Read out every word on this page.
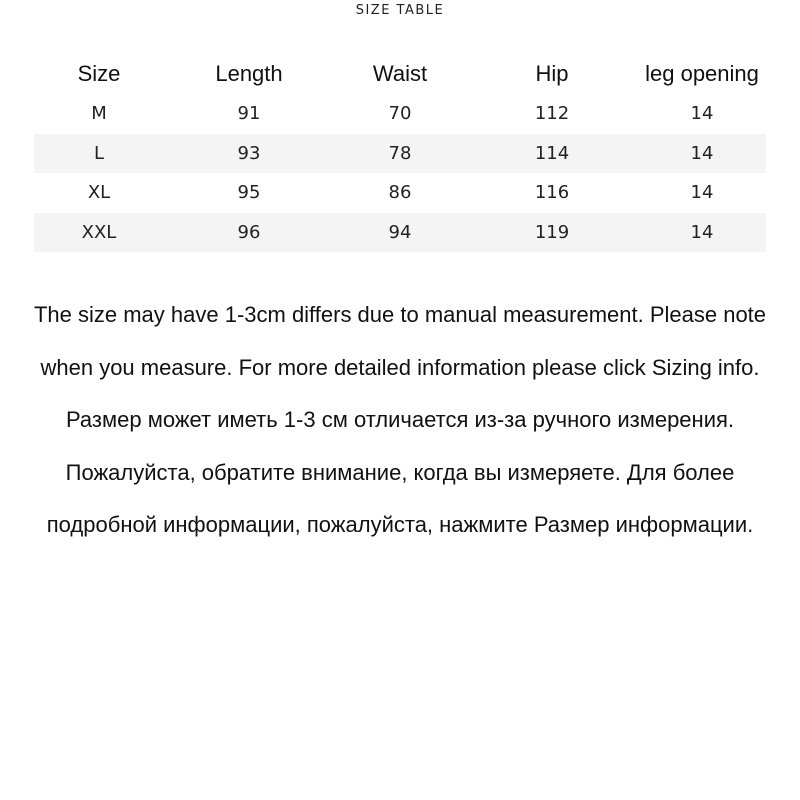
SIZE TABLE
Size	Length	Waist	Hip	leg opening
M	91	70	112	14
L	93	78	114	14
XL	95	86	116	14
XXL	96	94	119	14

The size may have 1-3cm differs due to manual measurement. Please note when you measure. For more detailed information please click Sizing info.

Размер может иметь 1-3 см отличается из-за ручного измерения. Пожалуйста, обратите внимание, когда вы измеряете. Для более подробной информации, пожалуйста, нажмите Размер информации.
